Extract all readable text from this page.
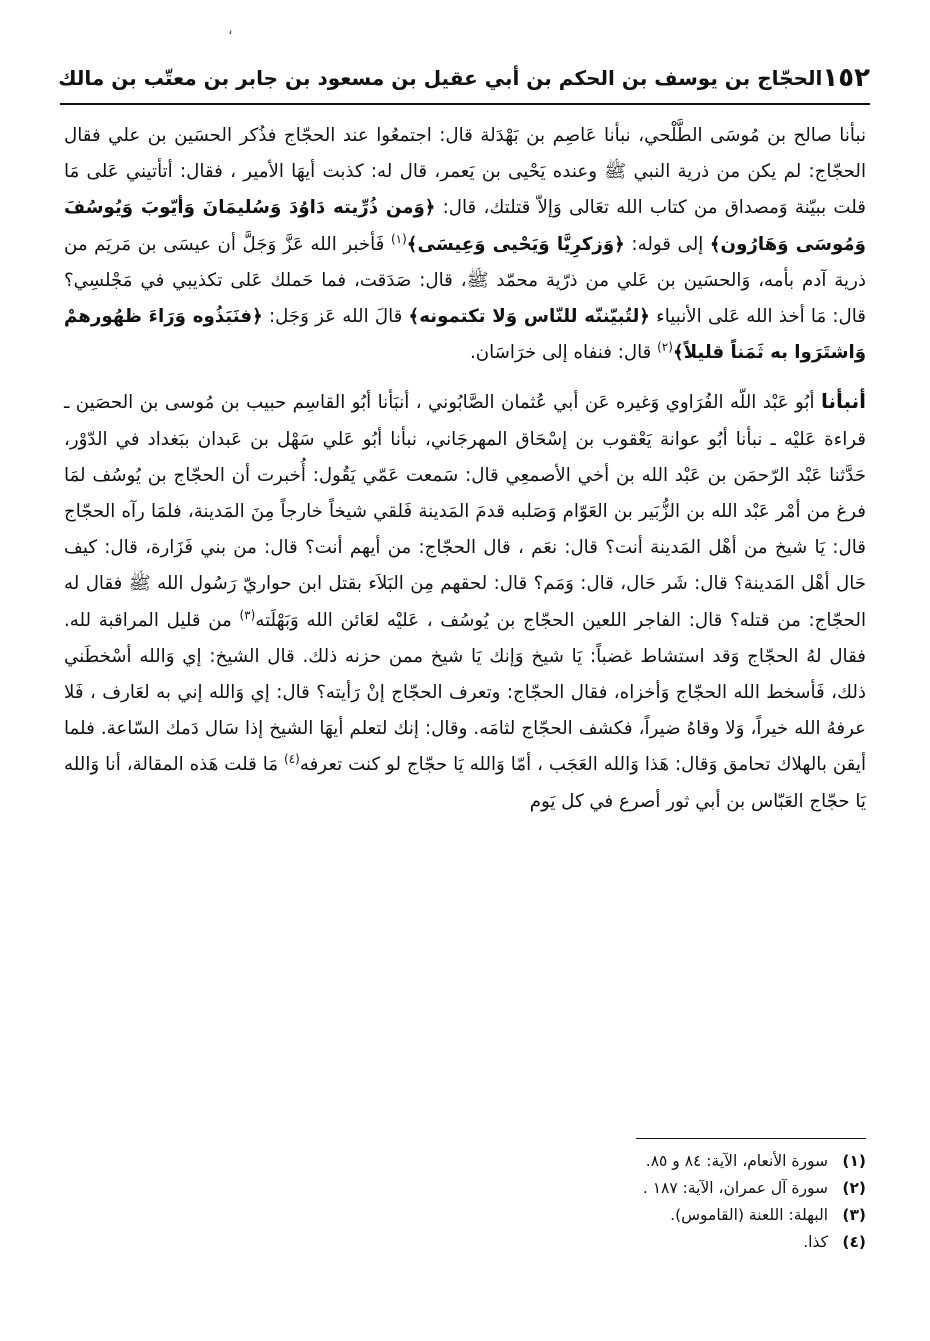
،
١٥٢
الحجّاج بن يوسف بن الحكم بن أبي عقيل بن مسعود بن جابر بن معتّب بن مالك

نبأنا صالح بن مُوسَى الطَّلْحي، نبأنا عَاصِم بن بَهْدَلة قال: اجتمعُوا عند الحجّاج فذُكر الحسَين بن علي فقال الحجّاج: لم يكن من ذرية النبي ﷺ وعنده يَحْيى بن يَعمر، قال له: كذبت أيهَا الأمير ، فقال: أتأتيني عَلى مَا قلت ببيّنة وَمصداق من كتاب الله تعَالى وَإلاّ قتلتك، قال: ﴿وَمن ذُرِّيته دَاوُدَ وَسُليمَانَ وَأيّوبَ وَيُوسُفَ وَمُوسَى وَهَارُون﴾ إلى قوله: ﴿وَزكرِيَّا وَيَحْيى وَعِيسَى﴾$^{(١)}$ فَأخبر الله عَزَّ وَجَلَّ أن عيسَى بن مَريَم من ذرية آدم بأمه، وَالحسَين بن عَلي من ذرّية محمّد ﷺ، قال: صَدَقت، فما حَملك عَلى تكذيبي في مَجْلسِي؟ قال: مَا أخذ الله عَلى الأنبياء ﴿لتُبيّننّه للنّاس وَلا تكتمونه﴾ قالَ الله عَز وَجَل: ﴿فنَبَذُوه وَرَاءَ ظهُورهمْ وَاشتَرَوا به ثَمَناً قليلاً﴾$^{(٢)}$ قال: فنفاه إلى خرَاسَان.

أنبأنا أبُو عَبْد اللّه الفُرَاوي وَغيره عَن أبي عُثمان الصَّابُوني ، أنبَأنا أبُو القاسِم حبيب بن مُوسى بن الحصَين ـ قراءة عَليْه ـ نبأنا أبُو عوانة يَعْقوب بن إسْحَاق المهرجَاني، نبأنا أبُو عَلي سَهْل بن عَبدان ببَغداد في الدّوْر، حَدَّثنا عَبْد الرّحمَن بن عَبْد الله بن أخي الأصمعِي قال: سَمعت عَمّي يَقُول: أُخبرت أن الحجّاج بن يُوسُف لمَا فرغ من أمْر عَبْد الله بن الزُّبَير بن العَوّام وَصَلبه قدمَ المَدينة فَلقي شيخاً خارجاً مِنَ المَدينة، فلمَا رآه الحجّاج قال: يَا شيخ من أهْل المَدينة أنت؟ قال: نعَم ، قال الحجّاج: من أيهم أنت؟ قال: من بني فَزَارة، قال: كيف حَال أهْل المَدينة؟ قال: شَر حَال، قال: وَمَم؟ قال: لحقهم مِن البَلاَء بقتل ابن حواريّ رَسُول الله ﷺ فقال له الحجّاج: من قتله؟ قال: الفاجر اللعين الحجّاج بن يُوسُف ، عَليْه لعَائن الله وَبَهْلَته$^{(٣)}$ من قليل المراقبة لله. فقال لهُ الحجّاج وَقد استشاط غضباً: يَا شيخ وَإنك يَا شيخ ممن حزنه ذلك. قال الشيخ: إي وَالله أسْخطَني ذلك، فَأسخط الله الحجّاج وَأخزاه، فقال الحجّاج: وتعرف الحجّاج إنْ رَأيته؟ قال: إي وَالله إني به لعَارف ، فَلا عرفهُ الله خيراً، وَلا وقاهُ ضيراً، فكشف الحجّاج لثامَه. وقال: إنك لتعلم أيهَا الشيخ إذا سَال دَمك السّاعة. فلما أيقن بالهلاك تحامق وَقال: هَذا وَالله العَجَب ، أمّا وَالله يَا حجّاج لو كنت تعرفه$^{(٤)}$ مَا قلت هَذه المقالة، أنا وَالله يَا حجّاج العَبّاس بن أبي ثور أصرع في كل يَوم

(١)
سورة الأنعام، الآية: ٨٤ و ٨٥.
(٢)
سورة آل عمران، الآية: ١٨٧ .
(٣)
البهلة: اللعنة (القاموس).
(٤)
كذا.
